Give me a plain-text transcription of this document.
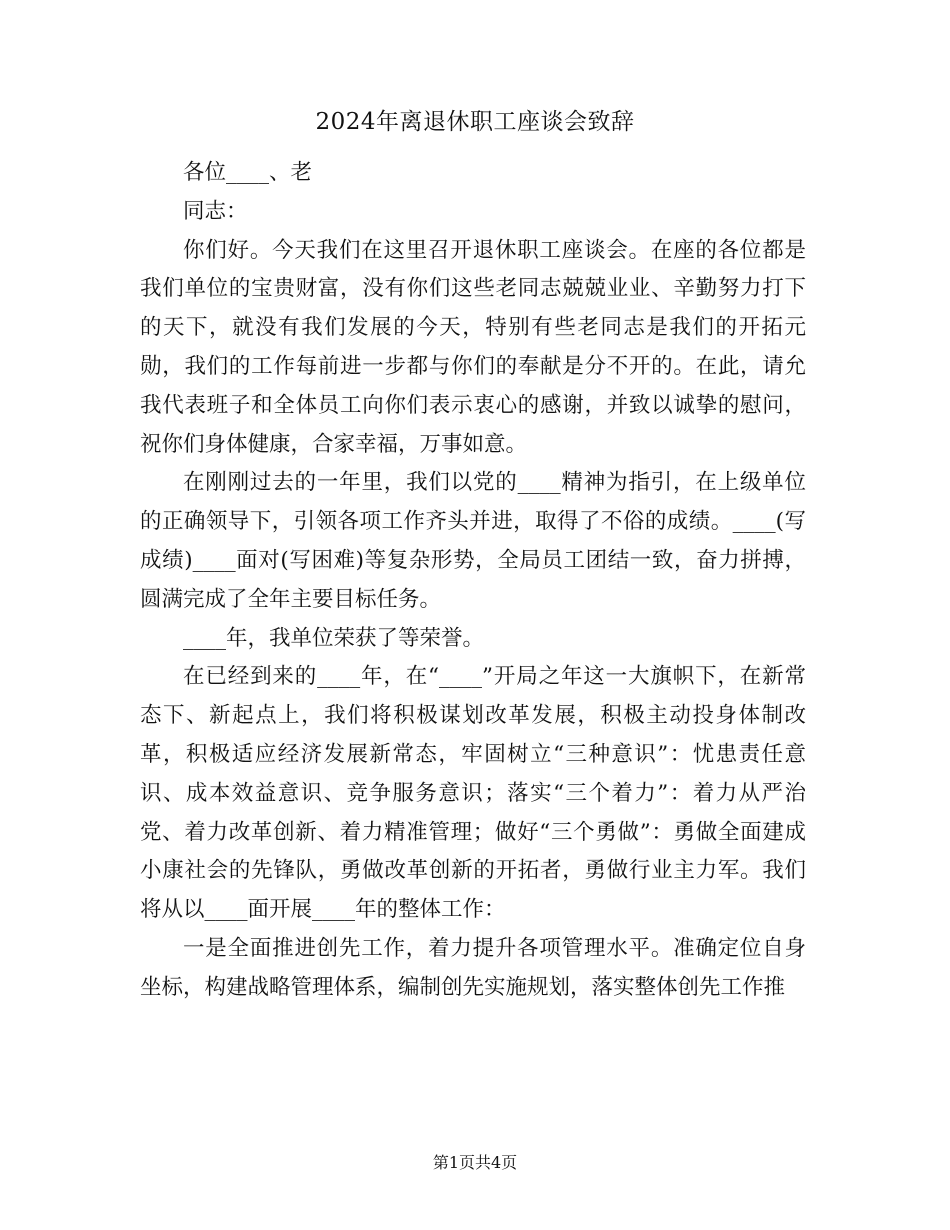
2024年离退休职工座谈会致辞

各位____、老

同志：

你们好。今天我们在这里召开退休职工座谈会。在座的各位都是我们单位的宝贵财富，没有你们这些老同志兢兢业业、辛勤努力打下的天下，就没有我们发展的今天，特别有些老同志是我们的开拓元勋，我们的工作每前进一步都与你们的奉献是分不开的。在此，请允我代表班子和全体员工向你们表示衷心的感谢，并致以诚挚的慰问，祝你们身体健康，合家幸福，万事如意。

在刚刚过去的一年里，我们以党的____精神为指引，在上级单位的正确领导下，引领各项工作齐头并进，取得了不俗的成绩。____(写成绩)____面对(写困难)等复杂形势，全局员工团结一致，奋力拼搏，圆满完成了全年主要目标任务。

____年，我单位荣获了等荣誉。

在已经到来的____年，在“____”开局之年这一大旗帜下，在新常态下、新起点上，我们将积极谋划改革发展，积极主动投身体制改革，积极适应经济发展新常态，牢固树立“三种意识”：忧患责任意识、成本效益意识、竞争服务意识；落实“三个着力”：着力从严治党、着力改革创新、着力精准管理；做好“三个勇做”：勇做全面建成小康社会的先锋队，勇做改革创新的开拓者，勇做行业主力军。我们将从以____面开展____年的整体工作：

一是全面推进创先工作，着力提升各项管理水平。准确定位自身坐标，构建战略管理体系，编制创先实施规划，落实整体创先工作推

第1页共4页
